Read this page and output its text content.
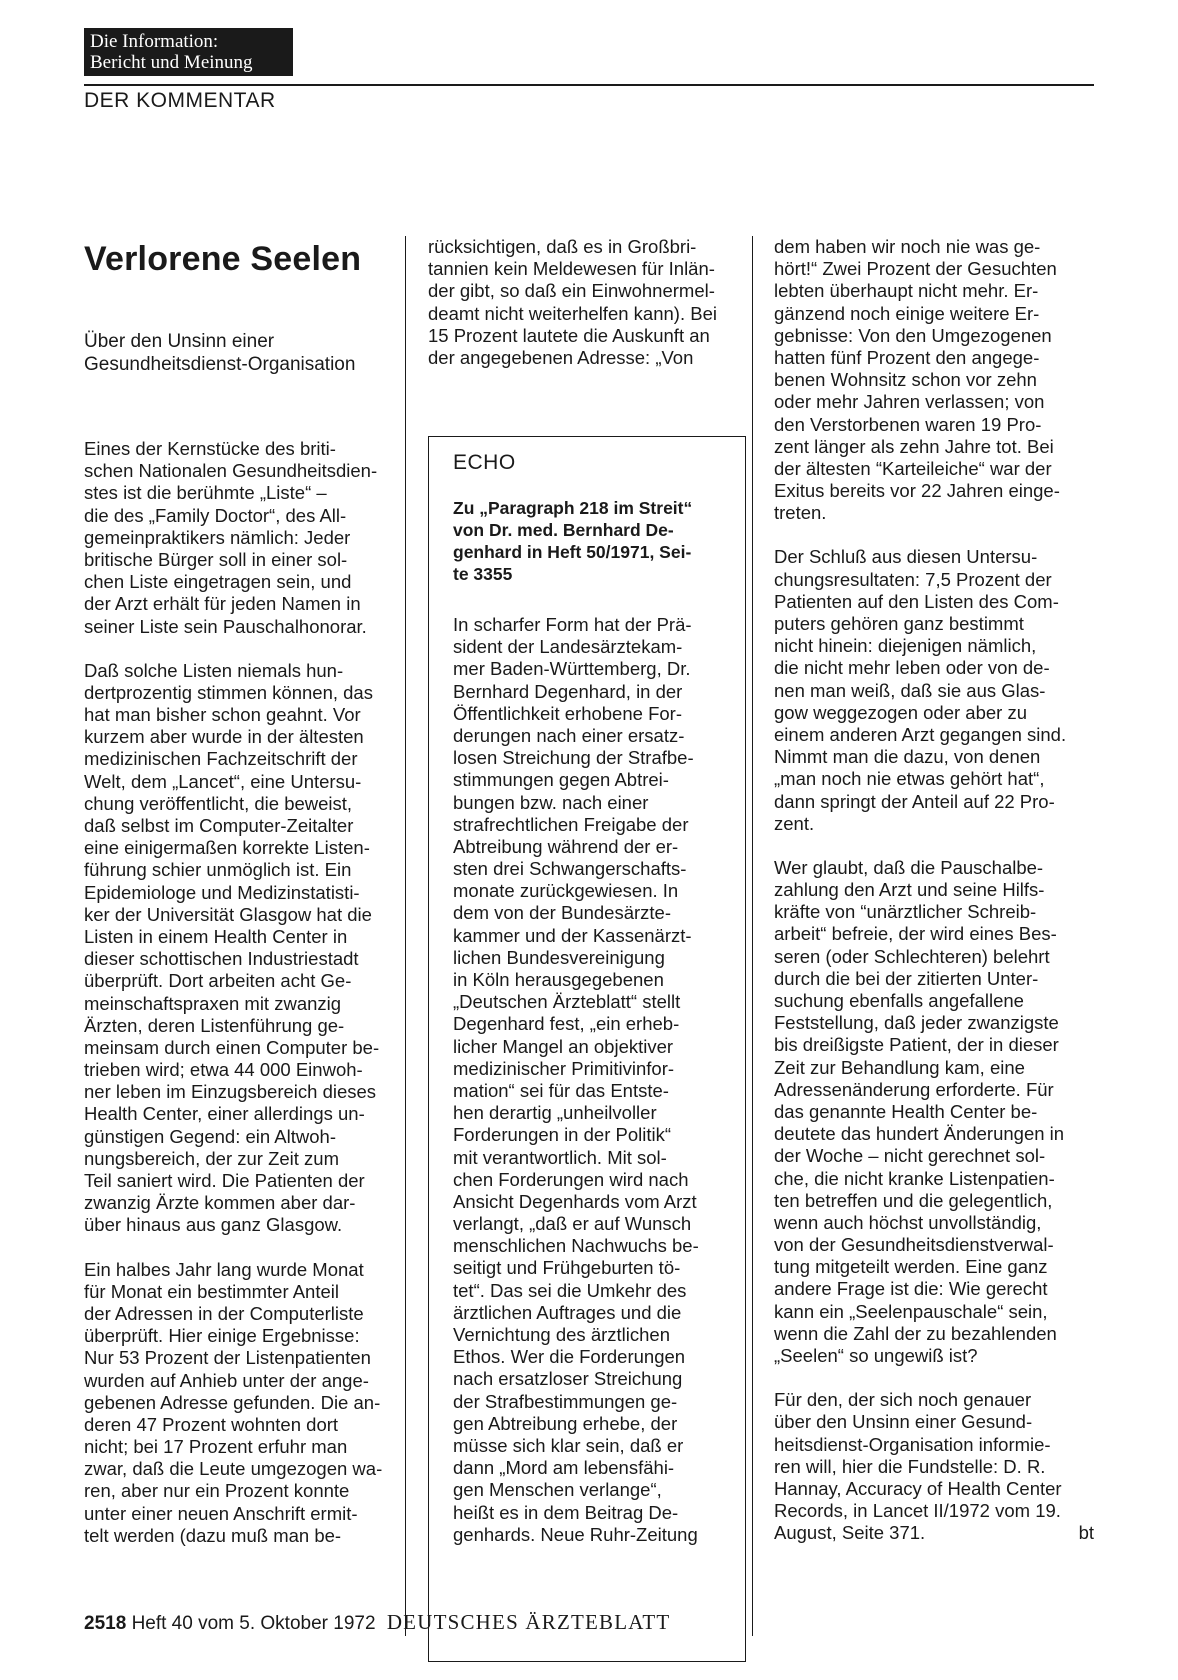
Die Information:
Bericht und Meinung
DER KOMMENTAR
Verlorene Seelen
Über den Unsinn einer
Gesundheitsdienst-Organisation

Eines der Kernstücke des briti-
schen Nationalen Gesundheitsdien-
stes ist die berühmte „Liste“ –
die des „Family Doctor“, des All-
gemeinpraktikers nämlich: Jeder
britische Bürger soll in einer sol-
chen Liste eingetragen sein, und
der Arzt erhält für jeden Namen in
seiner Liste sein Pauschalhonorar.

Daß solche Listen niemals hun-
dertprozentig stimmen können, das
hat man bisher schon geahnt. Vor
kurzem aber wurde in der ältesten
medizinischen Fachzeitschrift der
Welt, dem „Lancet“, eine Untersu-
chung veröffentlicht, die beweist,
daß selbst im Computer-Zeitalter
eine einigermaßen korrekte Listen-
führung schier unmöglich ist. Ein
Epidemiologe und Medizinstatisti-
ker der Universität Glasgow hat die
Listen in einem Health Center in
dieser schottischen Industriestadt
überprüft. Dort arbeiten acht Ge-
meinschaftspraxen mit zwanzig
Ärzten, deren Listenführung ge-
meinsam durch einen Computer be-
trieben wird; etwa 44 000 Einwoh-
ner leben im Einzugsbereich dieses
Health Center, einer allerdings un-
günstigen Gegend: ein Altwoh-
nungsbereich, der zur Zeit zum
Teil saniert wird. Die Patienten der
zwanzig Ärzte kommen aber dar-
über hinaus aus ganz Glasgow.

Ein halbes Jahr lang wurde Monat
für Monat ein bestimmter Anteil
der Adressen in der Computerliste
überprüft. Hier einige Ergebnisse:
Nur 53 Prozent der Listenpatienten
wurden auf Anhieb unter der ange-
gebenen Adresse gefunden. Die an-
deren 47 Prozent wohnten dort
nicht; bei 17 Prozent erfuhr man
zwar, daß die Leute umgezogen wa-
ren, aber nur ein Prozent konnte
unter einer neuen Anschrift ermit-
telt werden (dazu muß man be-

rücksichtigen, daß es in Großbri-
tannien kein Meldewesen für Inlän-
der gibt, so daß ein Einwohnermel-
deamt nicht weiterhelfen kann). Bei
15 Prozent lautete die Auskunft an
der angegebenen Adresse: „Von

ECHO
Zu „Paragraph 218 im Streit“
von Dr. med. Bernhard De-
genhard in Heft 50/1971, Sei-
te 3355

In scharfer Form hat der Prä-
sident der Landesärztekam-
mer Baden-Württemberg, Dr.
Bernhard Degenhard, in der
Öffentlichkeit erhobene For-
derungen nach einer ersatz-
losen Streichung der Strafbe-
stimmungen gegen Abtrei-
bungen bzw. nach einer
strafrechtlichen Freigabe der
Abtreibung während der er-
sten drei Schwangerschafts-
monate zurückgewiesen. In
dem von der Bundesärzte-
kammer und der Kassenärzt-
lichen Bundesvereinigung
in Köln herausgegebenen
„Deutschen Ärzteblatt“ stellt
Degenhard fest, „ein erheb-
licher Mangel an objektiver
medizinischer Primitivinfor-
mation“ sei für das Entste-
hen derartig „unheilvoller
Forderungen in der Politik“
mit verantwortlich. Mit sol-
chen Forderungen wird nach
Ansicht Degenhards vom Arzt
verlangt, „daß er auf Wunsch
menschlichen Nachwuchs be-
seitigt und Frühgeburten tö-
tet“. Das sei die Umkehr des
ärztlichen Auftrages und die
Vernichtung des ärztlichen
Ethos. Wer die Forderungen
nach ersatzloser Streichung
der Strafbestimmungen ge-
gen Abtreibung erhebe, der
müsse sich klar sein, daß er
dann „Mord am lebensfähi-
gen Menschen verlange“,
heißt es in dem Beitrag De-
genhards. Neue Ruhr-Zeitung

dem haben wir noch nie was ge-
hört!“ Zwei Prozent der Gesuchten
lebten überhaupt nicht mehr. Er-
gänzend noch einige weitere Er-
gebnisse: Von den Umgezogenen
hatten fünf Prozent den angege-
benen Wohnsitz schon vor zehn
oder mehr Jahren verlassen; von
den Verstorbenen waren 19 Pro-
zent länger als zehn Jahre tot. Bei
der ältesten “Karteileiche“ war der
Exitus bereits vor 22 Jahren einge-
treten.

Der Schluß aus diesen Untersu-
chungsresultaten: 7,5 Prozent der
Patienten auf den Listen des Com-
puters gehören ganz bestimmt
nicht hinein: diejenigen nämlich,
die nicht mehr leben oder von de-
nen man weiß, daß sie aus Glas-
gow weggezogen oder aber zu
einem anderen Arzt gegangen sind.
Nimmt man die dazu, von denen
„man noch nie etwas gehört hat“,
dann springt der Anteil auf 22 Pro-
zent.

Wer glaubt, daß die Pauschalbe-
zahlung den Arzt und seine Hilfs-
kräfte von “unärztlicher Schreib-
arbeit“ befreie, der wird eines Bes-
seren (oder Schlechteren) belehrt
durch die bei der zitierten Unter-
suchung ebenfalls angefallene
Feststellung, daß jeder zwanzigste
bis dreißigste Patient, der in dieser
Zeit zur Behandlung kam, eine
Adressenänderung erforderte. Für
das genannte Health Center be-
deutete das hundert Änderungen in
der Woche – nicht gerechnet sol-
che, die nicht kranke Listenpatien-
ten betreffen und die gelegentlich,
wenn auch höchst unvollständig,
von der Gesundheitsdienstverwal-
tung mitgeteilt werden. Eine ganz
andere Frage ist die: Wie gerecht
kann ein „Seelenpauschale“ sein,
wenn die Zahl der zu bezahlenden
„Seelen“ so ungewiß ist?

Für den, der sich noch genauer
über den Unsinn einer Gesund-
heitsdienst-Organisation informie-
ren will, hier die Fundstelle: D. R.
Hannay, Accuracy of Health Center
Records, in Lancet II/1972 vom 19.

August, Seite 371.	bt
2518 Heft 40 vom 5. Oktober 1972 DEUTSCHES ÄRZTEBLATT
